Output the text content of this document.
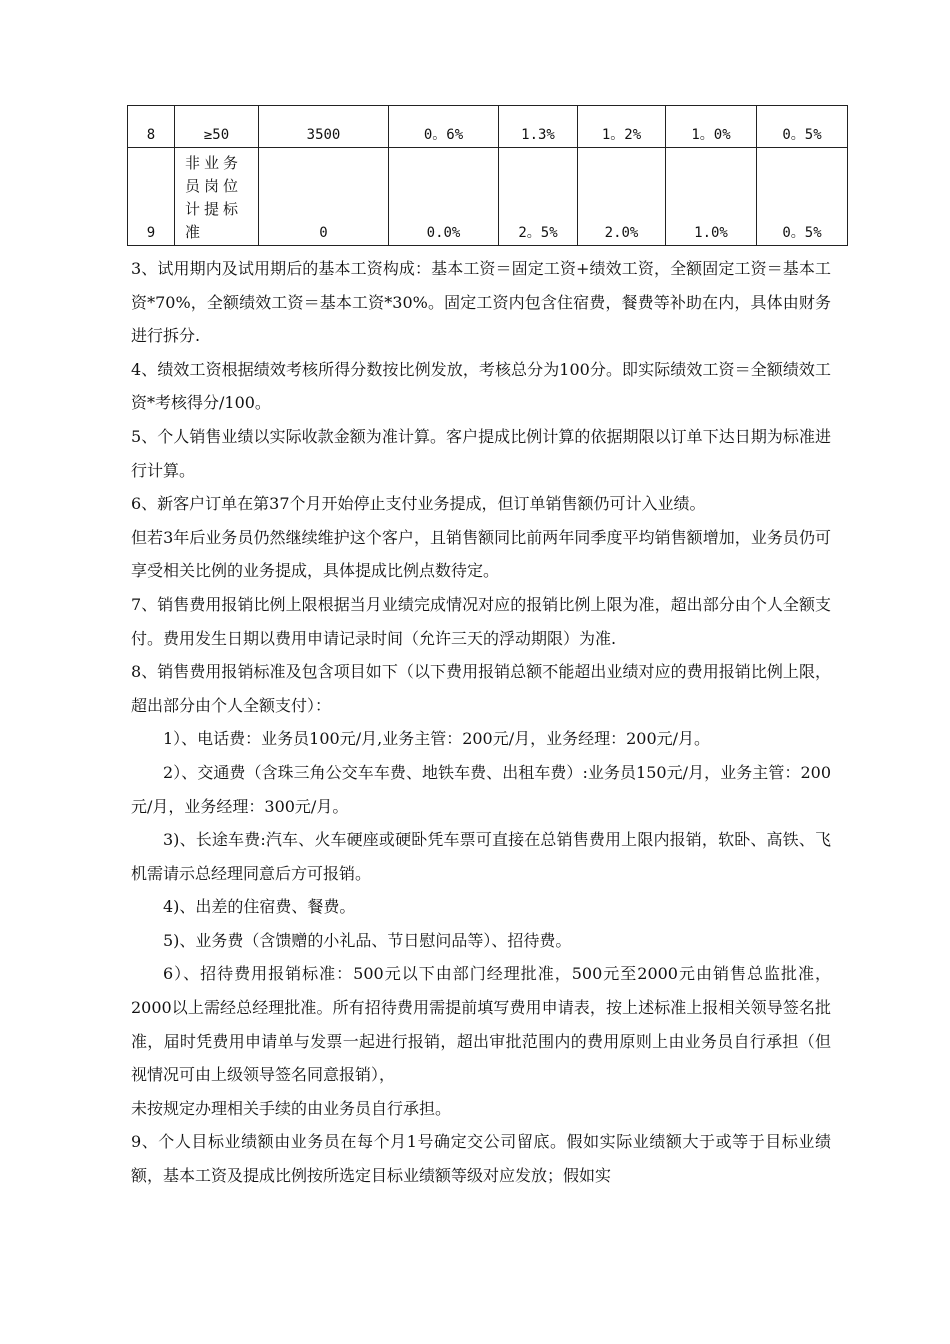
8	≥50	3500	0。6%	1.3%	1。2%	1。0%	0。5%
9	非业务员岗位计提标准	0	0.0%	2。5%	2.0%	1.0%	0。5%

3、试用期内及试用期后的基本工资构成：基本工资＝固定工资+绩效工资，全额固定工资＝基本工资*70%，全额绩效工资＝基本工资*30%。固定工资内包含住宿费，餐费等补助在内，具体由财务进行拆分.

4、绩效工资根据绩效考核所得分数按比例发放，考核总分为100分。即实际绩效工资＝全额绩效工资*考核得分/100。

5、个人销售业绩以实际收款金额为准计算。客户提成比例计算的依据期限以订单下达日期为标准进行计算。

6、新客户订单在第37个月开始停止支付业务提成，但订单销售额仍可计入业绩。

但若3年后业务员仍然继续维护这个客户，且销售额同比前两年同季度平均销售额增加，业务员仍可享受相关比例的业务提成，具体提成比例点数待定。

7、销售费用报销比例上限根据当月业绩完成情况对应的报销比例上限为准，超出部分由个人全额支付。费用发生日期以费用申请记录时间（允许三天的浮动期限）为准.

8、销售费用报销标准及包含项目如下（以下费用报销总额不能超出业绩对应的费用报销比例上限，超出部分由个人全额支付）：

1）、电话费：业务员100元/月,业务主管：200元/月，业务经理：200元/月。

2）、交通费（含珠三角公交车车费、地铁车费、出租车费）:业务员150元/月，业务主管：200元/月，业务经理：300元/月。

3)、长途车费:汽车、火车硬座或硬卧凭车票可直接在总销售费用上限内报销，软卧、高铁、飞机需请示总经理同意后方可报销。

4)、出差的住宿费、餐费。

5)、业务费（含馈赠的小礼品、节日慰问品等）、招待费。

6）、招待费用报销标准：500元以下由部门经理批准，500元至2000元由销售总监批准，2000以上需经总经理批准。所有招待费用需提前填写费用申请表，按上述标准上报相关领导签名批准，届时凭费用申请单与发票一起进行报销，超出审批范围内的费用原则上由业务员自行承担（但视情况可由上级领导签名同意报销），

未按规定办理相关手续的由业务员自行承担。

9、个人目标业绩额由业务员在每个月1号确定交公司留底。假如实际业绩额大于或等于目标业绩额，基本工资及提成比例按所选定目标业绩额等级对应发放；假如实
